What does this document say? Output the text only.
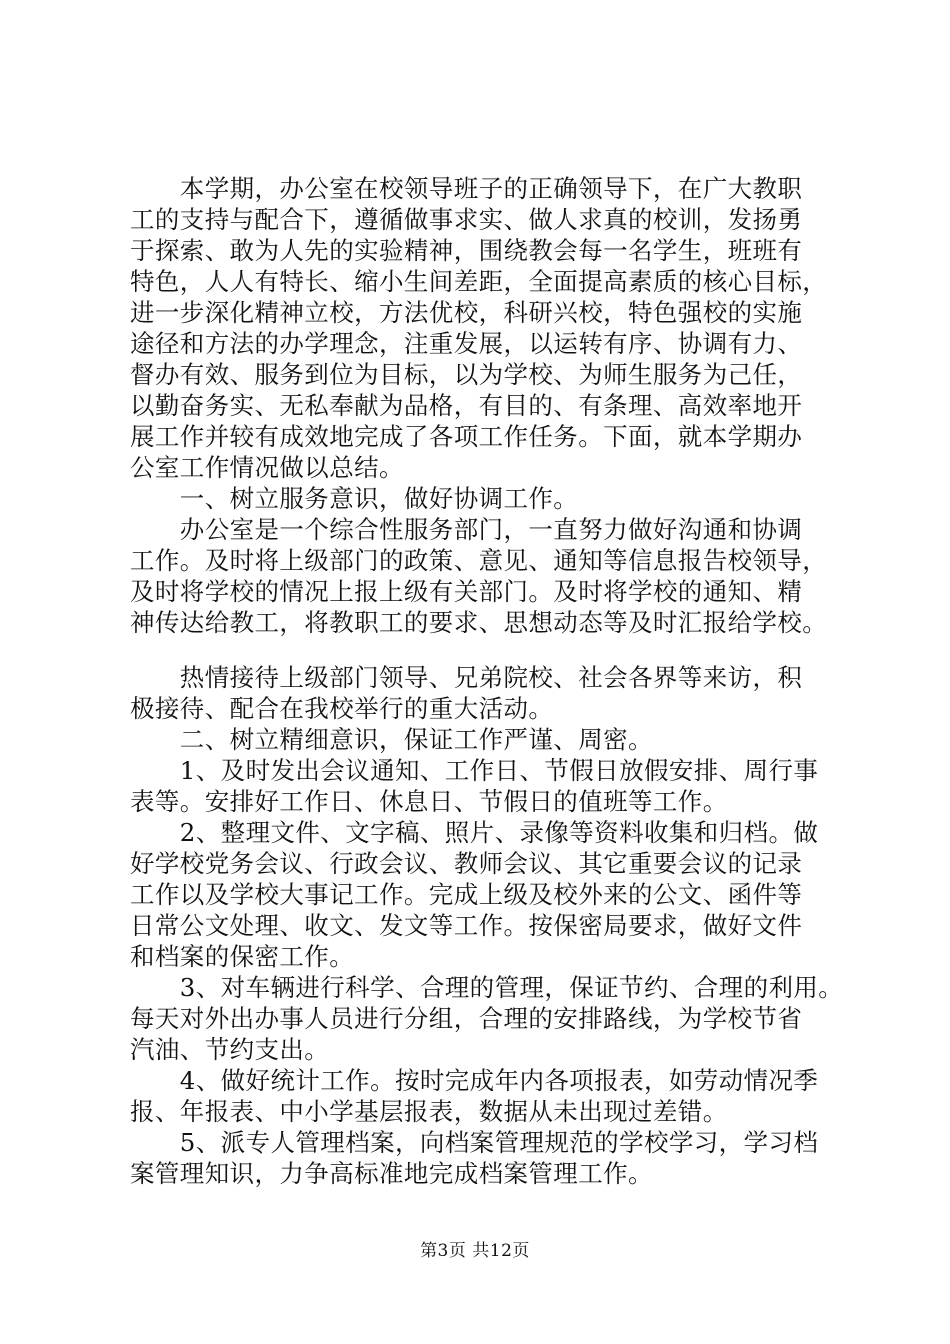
　　本学期，办公室在校领导班子的正确领导下，在广大教职
工的支持与配合下，遵循做事求实、做人求真的校训，发扬勇
于探索、敢为人先的实验精神，围绕教会每一名学生，班班有
特色，人人有特长、缩小生间差距，全面提高素质的核心目标，
进一步深化精神立校，方法优校，科研兴校，特色强校的实施
途径和方法的办学理念，注重发展，以运转有序、协调有力、
督办有效、服务到位为目标，以为学校、为师生服务为己任，
以勤奋务实、无私奉献为品格，有目的、有条理、高效率地开
展工作并较有成效地完成了各项工作任务。下面，就本学期办
公室工作情况做以总结。
　　一、树立服务意识，做好协调工作。
　　办公室是一个综合性服务部门，一直努力做好沟通和协调
工作。及时将上级部门的政策、意见、通知等信息报告校领导，
及时将学校的情况上报上级有关部门。及时将学校的通知、精
神传达给教工，将教职工的要求、思想动态等及时汇报给学校。
　　热情接待上级部门领导、兄弟院校、社会各界等来访，积
极接待、配合在我校举行的重大活动。
　　二、树立精细意识，保证工作严谨、周密。
　　1、及时发出会议通知、工作日、节假日放假安排、周行事
表等。安排好工作日、休息日、节假日的值班等工作。
　　2、整理文件、文字稿、照片、录像等资料收集和归档。做
好学校党务会议、行政会议、教师会议、其它重要会议的记录
工作以及学校大事记工作。完成上级及校外来的公文、函件等
日常公文处理、收文、发文等工作。按保密局要求，做好文件
和档案的保密工作。
　　3、对车辆进行科学、合理的管理，保证节约、合理的利用。
每天对外出办事人员进行分组，合理的安排路线，为学校节省
汽油、节约支出。
　　4、做好统计工作。按时完成年内各项报表，如劳动情况季
报、年报表、中小学基层报表，数据从未出现过差错。
　　5、派专人管理档案，向档案管理规范的学校学习，学习档
案管理知识，力争高标准地完成档案管理工作。
第3页 共12页
